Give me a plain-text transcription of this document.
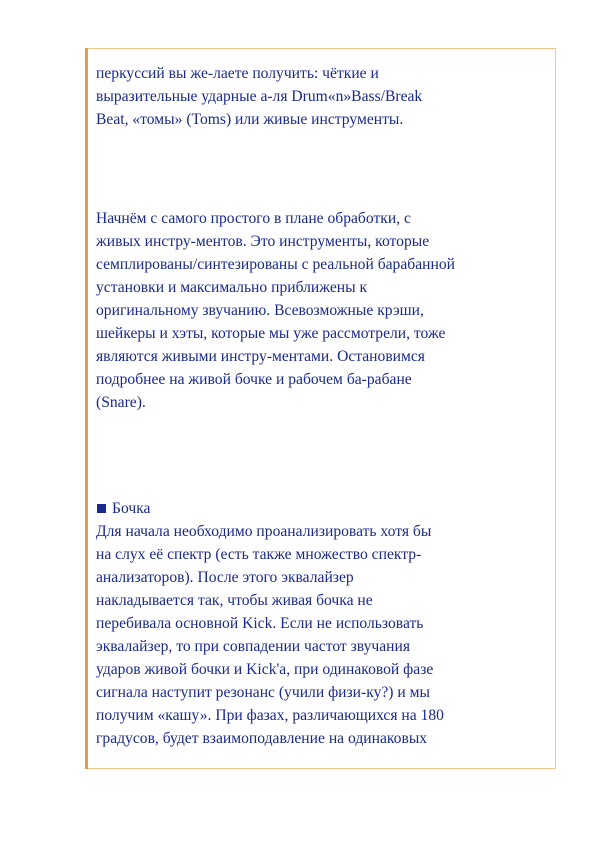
перкуссий вы же-лаете получить: чёткие и
выразительные ударные а-ля Drum«n»Bass/Break
Beat, «томы» (Toms) или живые инструменты.
Начнём с самого простого в плане обработки, с
живых инстру-ментов. Это инструменты, которые
семплированы/синтезированы с реальной барабанной
установки и максимально приближены к
оригинальному звучанию. Всевозможные крэши,
шейкеры и хэты, которые мы уже рассмотрели, тоже
являются живыми инстру-ментами. Остановимся
подробнее на живой бочке и рабочем ба-рабане
(Snare).
Бочка
Для начала необходимо проанализировать хотя бы
на слух её спектр (есть также множество спектр-
анализаторов). После этого эквалайзер
накладывается так, чтобы живая бочка не
перебивала основной Kick. Если не использовать
эквалайзер, то при совпадении частот звучания
ударов живой бочки и Kick'a, при одинаковой фазе
сигнала наступит резонанс (учили физи-ку?) и мы
получим «кашу». При фазах, различающихся на 180
градусов, будет взаимоподавление на одинаковых
